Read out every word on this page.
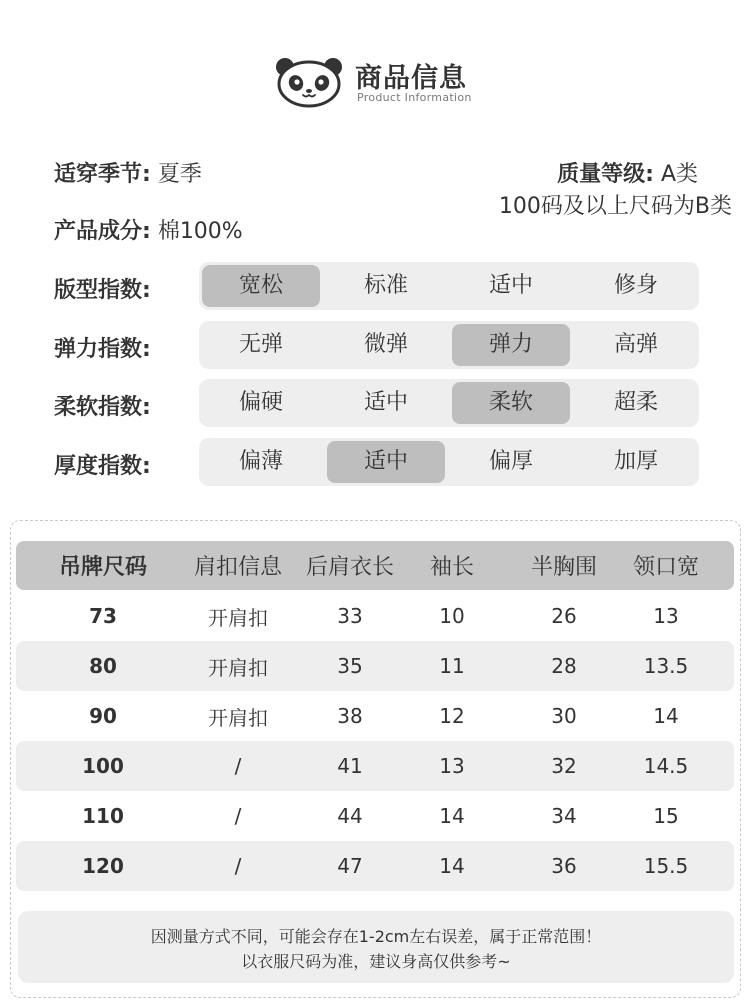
商品信息
Product Information
适穿季节: 夏季
产品成分: 棉100%
质量等级: A类
100码及以上尺码为B类
版型指数:	宽松	标准	适中	修身
弹力指数:	无弹	微弹	弹力	高弹
柔软指数:	偏硬	适中	柔软	超柔
厚度指数:	偏薄	适中	偏厚	加厚
吊牌尺码	肩扣信息	后肩衣长	袖长	半胸围	领口宽
73	开肩扣	33	10	26	13
80	开肩扣	35	11	28	13.5
90	开肩扣	38	12	30	14
100	/	41	13	32	14.5
110	/	44	14	34	15
120	/	47	14	36	15.5
因测量方式不同，可能会存在1-2cm左右误差，属于正常范围！
以衣服尺码为准，建议身高仅供参考~
